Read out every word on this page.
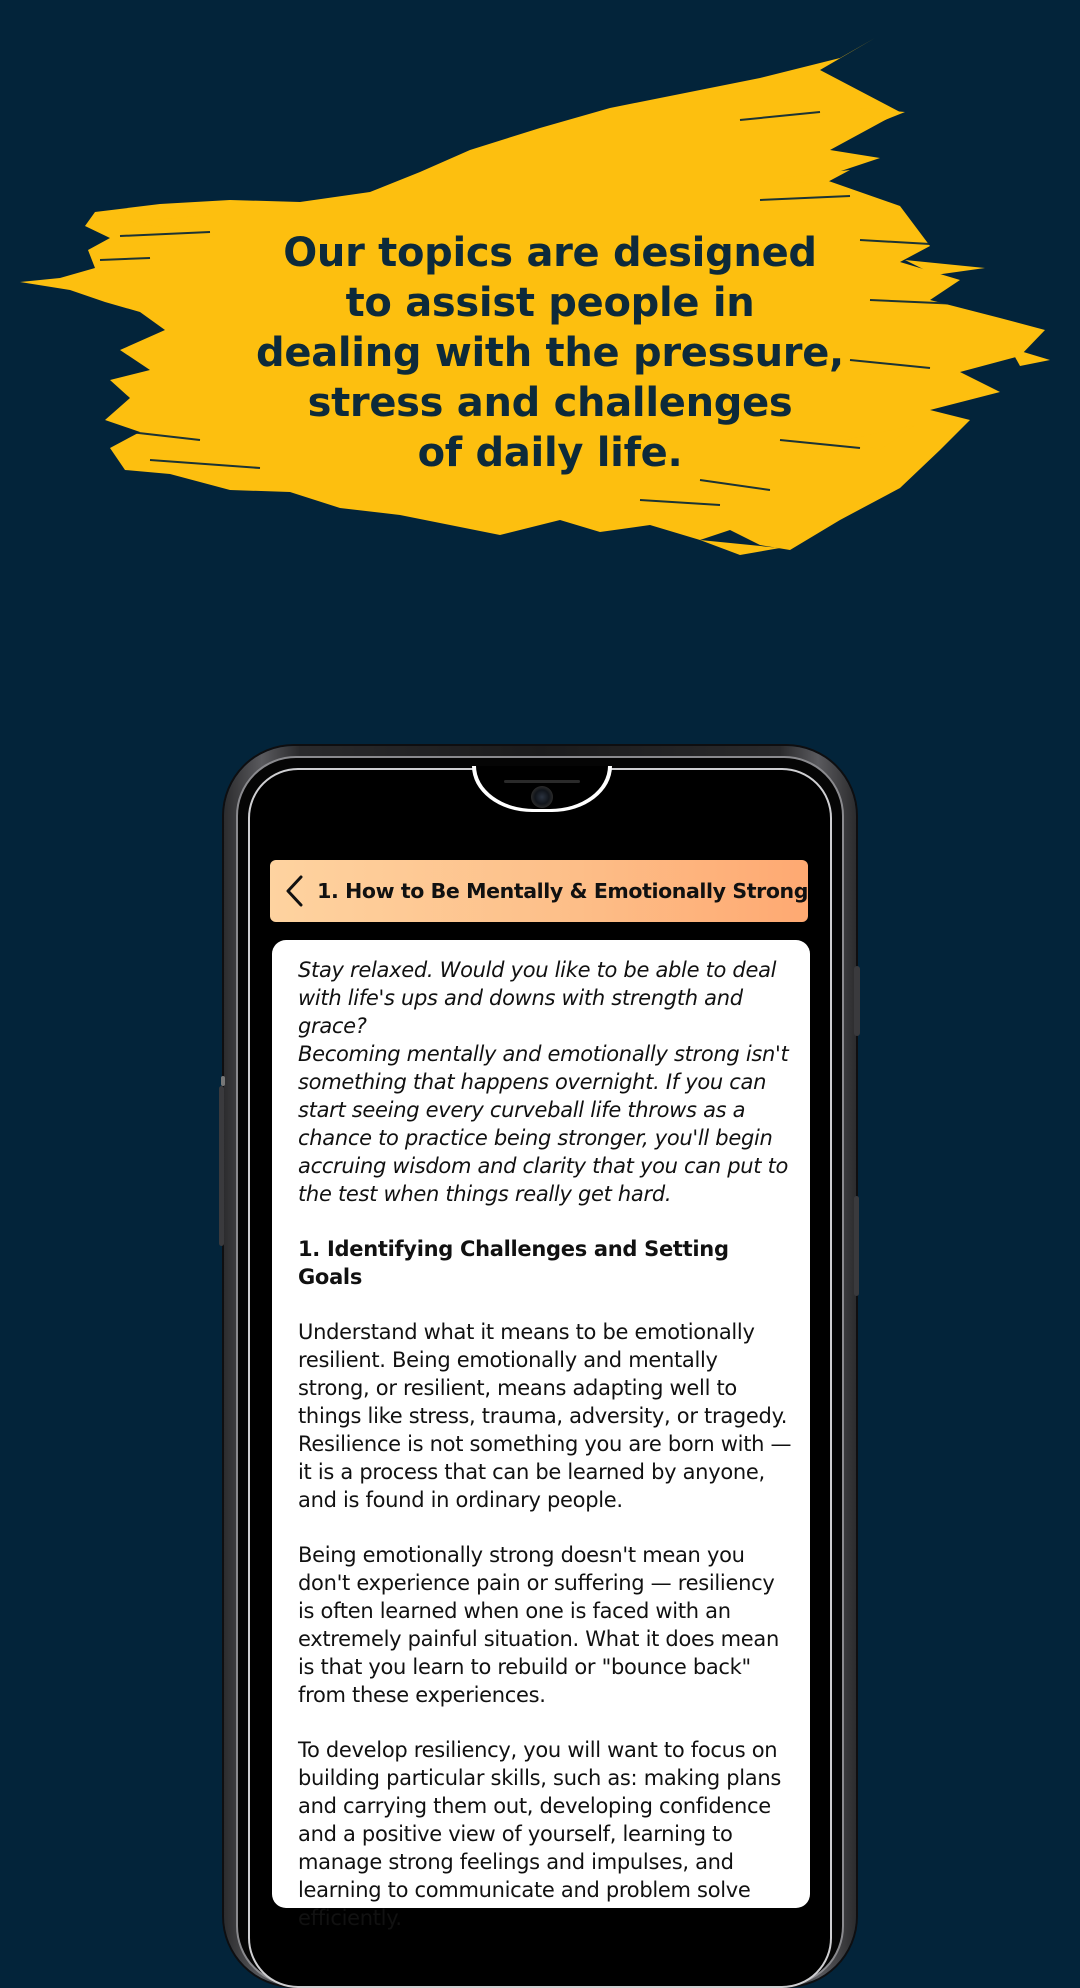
Our topics are designed
to assist people in
dealing with the pressure,
stress and challenges
of daily life.

1. How to Be Mentally & Emotionally Strong

Stay relaxed. Would you like to be able to deal with life's ups and downs with strength and grace?

Becoming mentally and emotionally strong isn't something that happens overnight. If you can start seeing every curveball life throws as a chance to practice being stronger, you'll begin accruing wisdom and clarity that you can put to the test when things really get hard.

1. Identifying Challenges and Setting Goals

Understand what it means to be emotionally resilient. Being emotionally and mentally strong, or resilient, means adapting well to things like stress, trauma, adversity, or tragedy. Resilience is not something you are born with — it is a process that can be learned by anyone, and is found in ordinary people.

Being emotionally strong doesn't mean you don't experience pain or suffering — resiliency is often learned when one is faced with an extremely painful situation. What it does mean is that you learn to rebuild or "bounce back" from these experiences.

To develop resiliency, you will want to focus on building particular skills, such as: making plans and carrying them out, developing confidence and a positive view of yourself, learning to manage strong feelings and impulses, and learning to communicate and problem solve efficiently.
